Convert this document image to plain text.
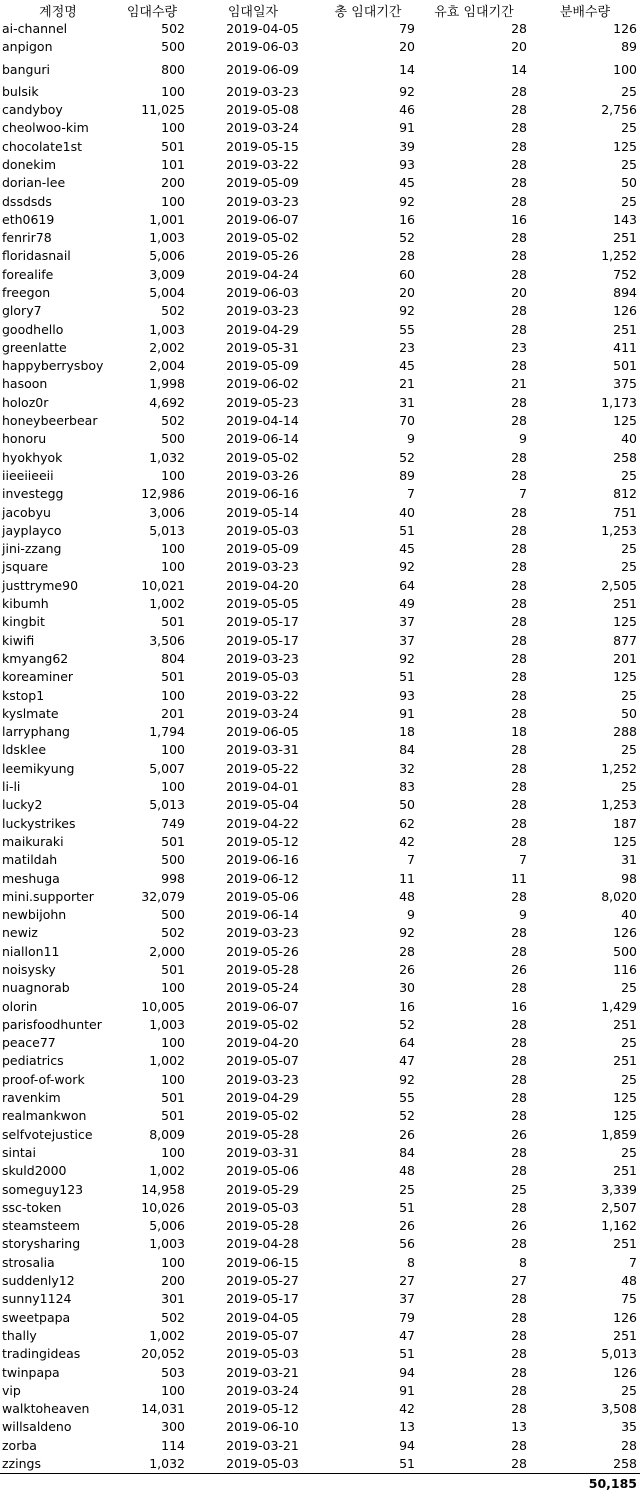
계정명	임대수량	임대일자	총 임대기간	유효 임대기간	분배수량
ai-channel	502	2019-04-05	79	28	126
anpigon	500	2019-06-03	20	20	89
banguri	800	2019-06-09	14	14	100
bulsik	100	2019-03-23	92	28	25
candyboy	11,025	2019-05-08	46	28	2,756
cheolwoo-kim	100	2019-03-24	91	28	25
chocolate1st	501	2019-05-15	39	28	125
donekim	101	2019-03-22	93	28	25
dorian-lee	200	2019-05-09	45	28	50
dssdsds	100	2019-03-23	92	28	25
eth0619	1,001	2019-06-07	16	16	143
fenrir78	1,003	2019-05-02	52	28	251
floridasnail	5,006	2019-05-26	28	28	1,252
forealife	3,009	2019-04-24	60	28	752
freegon	5,004	2019-06-03	20	20	894
glory7	502	2019-03-23	92	28	126
goodhello	1,003	2019-04-29	55	28	251
greenlatte	2,002	2019-05-31	23	23	411
happyberrysboy	2,004	2019-05-09	45	28	501
hasoon	1,998	2019-06-02	21	21	375
holoz0r	4,692	2019-05-23	31	28	1,173
honeybeerbear	502	2019-04-14	70	28	125
honoru	500	2019-06-14	9	9	40
hyokhyok	1,032	2019-05-02	52	28	258
iieeiieeii	100	2019-03-26	89	28	25
investegg	12,986	2019-06-16	7	7	812
jacobyu	3,006	2019-05-14	40	28	751
jayplayco	5,013	2019-05-03	51	28	1,253
jini-zzang	100	2019-05-09	45	28	25
jsquare	100	2019-03-23	92	28	25
justtryme90	10,021	2019-04-20	64	28	2,505
kibumh	1,002	2019-05-05	49	28	251
kingbit	501	2019-05-17	37	28	125
kiwifi	3,506	2019-05-17	37	28	877
kmyang62	804	2019-03-23	92	28	201
koreaminer	501	2019-05-03	51	28	125
kstop1	100	2019-03-22	93	28	25
kyslmate	201	2019-03-24	91	28	50
larryphang	1,794	2019-06-05	18	18	288
ldsklee	100	2019-03-31	84	28	25
leemikyung	5,007	2019-05-22	32	28	1,252
li-li	100	2019-04-01	83	28	25
lucky2	5,013	2019-05-04	50	28	1,253
luckystrikes	749	2019-04-22	62	28	187
maikuraki	501	2019-05-12	42	28	125
matildah	500	2019-06-16	7	7	31
meshuga	998	2019-06-12	11	11	98
mini.supporter	32,079	2019-05-06	48	28	8,020
newbijohn	500	2019-06-14	9	9	40
newiz	502	2019-03-23	92	28	126
niallon11	2,000	2019-05-26	28	28	500
noisysky	501	2019-05-28	26	26	116
nuagnorab	100	2019-05-24	30	28	25
olorin	10,005	2019-06-07	16	16	1,429
parisfoodhunter	1,003	2019-05-02	52	28	251
peace77	100	2019-04-20	64	28	25
pediatrics	1,002	2019-05-07	47	28	251
proof-of-work	100	2019-03-23	92	28	25
ravenkim	501	2019-04-29	55	28	125
realmankwon	501	2019-05-02	52	28	125
selfvotejustice	8,009	2019-05-28	26	26	1,859
sintai	100	2019-03-31	84	28	25
skuld2000	1,002	2019-05-06	48	28	251
someguy123	14,958	2019-05-29	25	25	3,339
ssc-token	10,026	2019-05-03	51	28	2,507
steamsteem	5,006	2019-05-28	26	26	1,162
storysharing	1,003	2019-04-28	56	28	251
strosalia	100	2019-06-15	8	8	7
suddenly12	200	2019-05-27	27	27	48
sunny1124	301	2019-05-17	37	28	75
sweetpapa	502	2019-04-05	79	28	126
thally	1,002	2019-05-07	47	28	251
tradingideas	20,052	2019-05-03	51	28	5,013
twinpapa	503	2019-03-21	94	28	126
vip	100	2019-03-24	91	28	25
walktoheaven	14,031	2019-05-12	42	28	3,508
willsaldeno	300	2019-06-10	13	13	35
zorba	114	2019-03-21	94	28	28
zzings	1,032	2019-05-03	51	28	258
					50,185
